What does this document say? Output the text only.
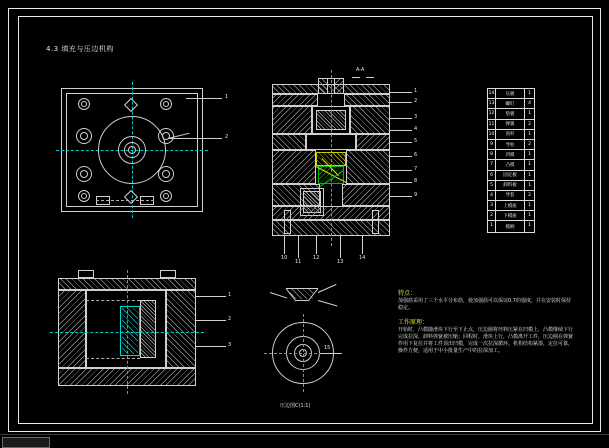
4.3 填充与压边机构
1
2
A-A
1
2
3
4
5
6
7
8
9
10
11
12
13
14
1
2
3	15
压边图C(1:1)
14	压板	1
13	螺钉	4
12	垫板	1
11	弹簧	2
10	顶杆	1
9	导柱	2
8	凹模	1
7	凸模	1
6	固定板	1
5	卸料板	1
4	导套	2
3	上模座	1
2	下模座	1
1	模柄	1
特点：
加强筋采用了三个水平分布筋，使加强筋可以保证0.7的强度，并在安装时保持稳定。
工作原理：
开始时，凸模随滑块下行至下止点，压边圈将坯料压紧在凹模上，凸模继续下行完成拉深，卸料弹簧被压缩；回程时，滑块上行，凸模离开工件，压边圈在弹簧作用下复位并将工件顶出凹模，完成一次拉深循环。机构结构紧凑，定位可靠，操作方便，适用于中小批量生产中的拉深加工。
